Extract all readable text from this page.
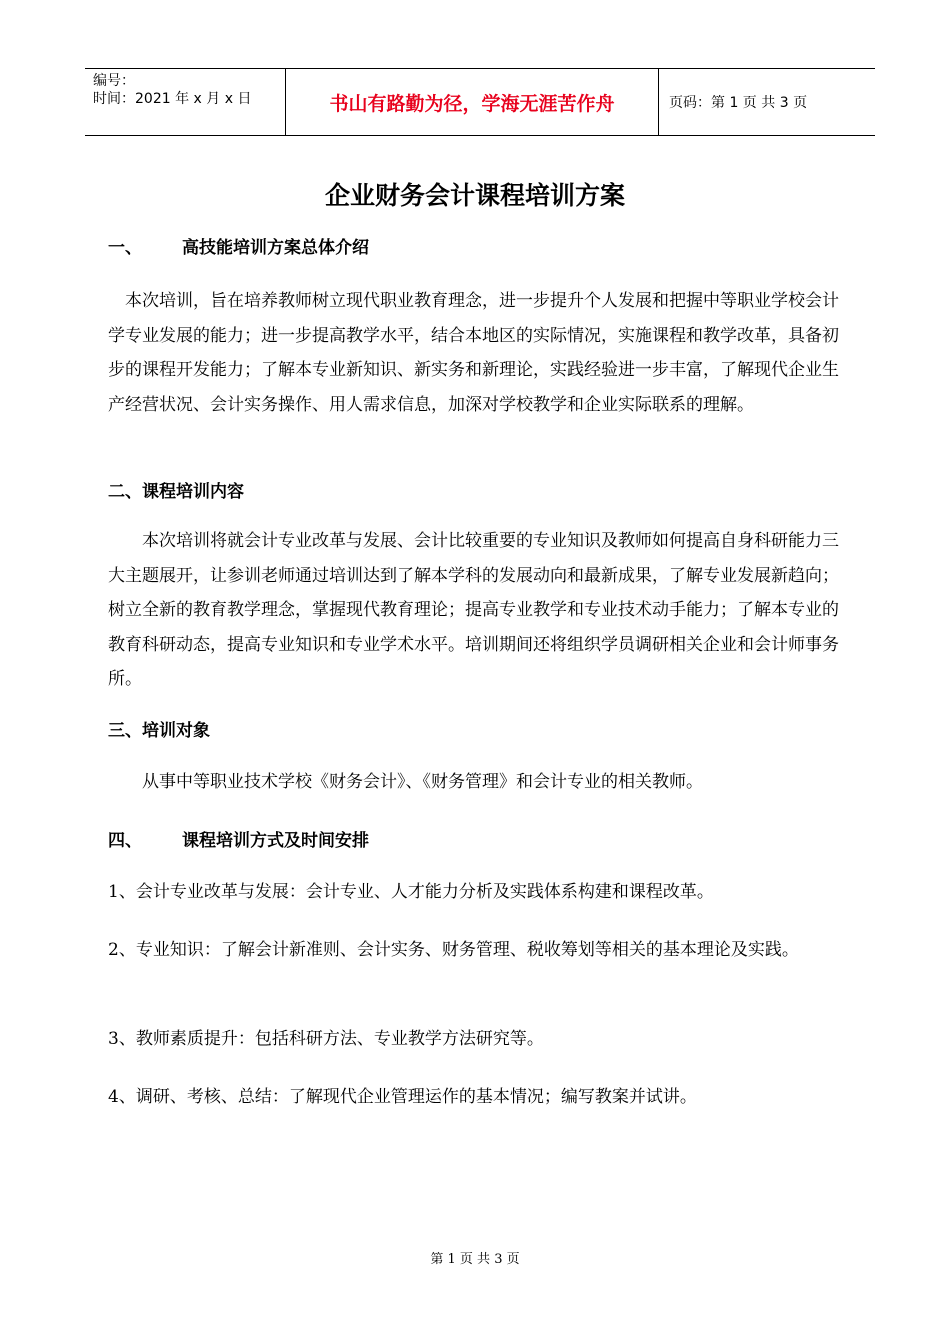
编号：
时间：2021 年 x 月 x 日	书山有路勤为径，学海无涯苦作舟	页码：第 1 页 共 3 页
企业财务会计课程培训方案
一、 高技能培训方案总体介绍
本次培训，旨在培养教师树立现代职业教育理念，进一步提升个人发展和把握中等职业学校会计学专业发展的能力；进一步提高教学水平，结合本地区的实际情况，实施课程和教学改革，具备初步的课程开发能力；了解本专业新知识、新实务和新理论，实践经验进一步丰富，了解现代企业生产经营状况、会计实务操作、用人需求信息，加深对学校教学和企业实际联系的理解。
二、课程培训内容
本次培训将就会计专业改革与发展、会计比较重要的专业知识及教师如何提高自身科研能力三大主题展开，让参训老师通过培训达到了解本学科的发展动向和最新成果，了解专业发展新趋向；树立全新的教育教学理念，掌握现代教育理论；提高专业教学和专业技术动手能力；了解本专业的教育科研动态，提高专业知识和专业学术水平。培训期间还将组织学员调研相关企业和会计师事务所。
三、培训对象
从事中等职业技术学校《财务会计》、《财务管理》和会计专业的相关教师。
四、 课程培训方式及时间安排
1、会计专业改革与发展：会计专业、人才能力分析及实践体系构建和课程改革。
2、专业知识：了解会计新准则、会计实务、财务管理、税收筹划等相关的基本理论及实践。
3、教师素质提升：包括科研方法、专业教学方法研究等。
4、调研、考核、总结：了解现代企业管理运作的基本情况；编写教案并试讲。
第 1 页 共 3 页
